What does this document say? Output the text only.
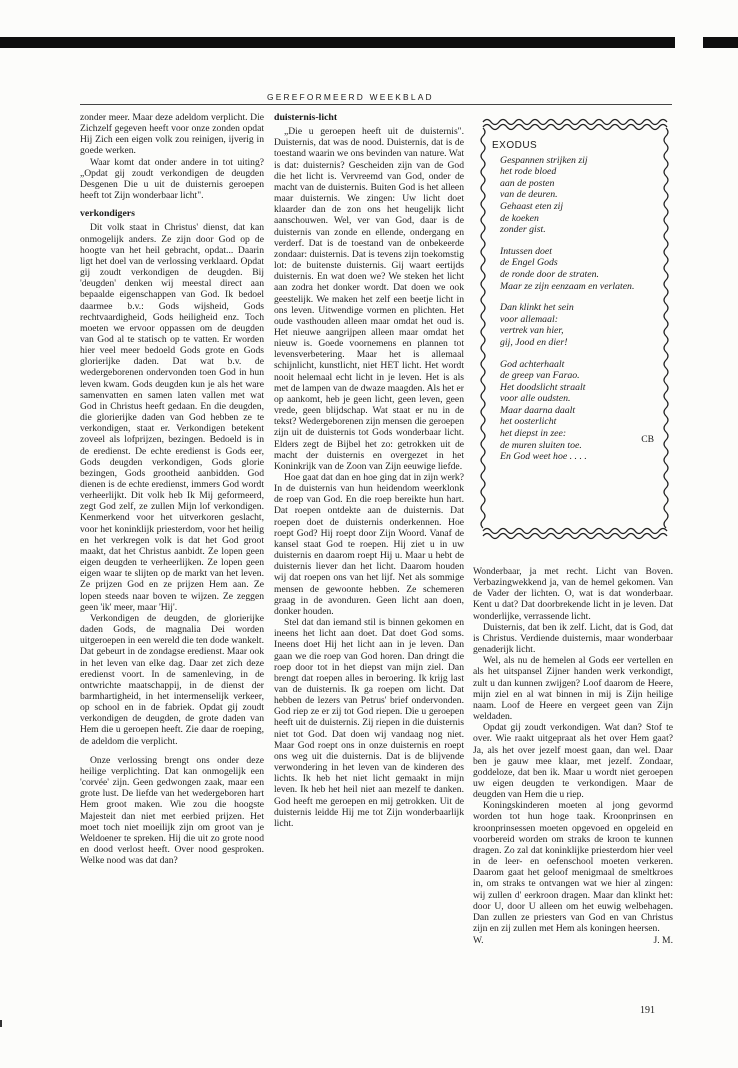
GEREFORMEERD WEEKBLAD

zonder meer. Maar deze adeldom verplicht. Die Zichzelf gegeven heeft voor onze zonden opdat Hij Zich een eigen volk zou reinigen, ijverig in goede werken.

Waar komt dat onder andere in tot uiting? „Opdat gij zoudt verkondigen de deugden Desgenen Die u uit de duisternis geroepen heeft tot Zijn wonderbaar licht".

verkondigers

Dit volk staat in Christus' dienst, dat kan onmogelijk anders. Ze zijn door God op de hoogte van het heil gebracht, opdat... Daarin ligt het doel van de verlossing verklaard. Opdat gij zoudt verkondigen de deugden. Bij 'deugden' denken wij meestal direct aan bepaalde eigenschappen van God. Ik bedoel daarmee b.v.: Gods wijsheid, Gods rechtvaardigheid, Gods heiligheid enz. Toch moeten we ervoor oppassen om de deugden van God al te statisch op te vatten. Er worden hier veel meer bedoeld Gods grote en Gods glorierijke daden. Dat wat b.v. de wedergeborenen ondervonden toen God in hun leven kwam. Gods deugden kun je als het ware samenvatten en samen laten vallen met wat God in Christus heeft gedaan. En die deugden, die glorierijke daden van God hebben ze te verkondigen, staat er. Verkondigen betekent zoveel als lofprijzen, bezingen. Bedoeld is in de eredienst. De echte eredienst is Gods eer, Gods deugden verkondigen, Gods glorie bezingen, Gods grootheid aanbidden. God dienen is de echte eredienst, immers God wordt verheerlijkt. Dit volk heb Ik Mij geformeerd, zegt God zelf, ze zullen Mijn lof verkondigen. Kenmerkend voor het uitverkoren geslacht, voor het koninklijk priesterdom, voor het heilig en het verkregen volk is dat het God groot maakt, dat het Christus aanbidt. Ze lopen geen eigen deugden te verheerlijken. Ze lopen geen eigen waar te slijten op de markt van het leven. Ze prijzen God en ze prijzen Hem aan. Ze lopen steeds naar boven te wijzen. Ze zeggen geen 'ik' meer, maar 'Hij'.

Verkondigen de deugden, de glorierijke daden Gods, de magnalia Dei worden uitgeroepen in een wereld die ten dode wankelt. Dat gebeurt in de zondagse eredienst. Maar ook in het leven van elke dag. Daar zet zich deze eredienst voort. In de samenleving, in de ontwrichte maatschappij, in de dienst der barmhartigheid, in het intermenselijk verkeer, op school en in de fabriek. Opdat gij zoudt verkondigen de deugden, de grote daden van Hem die u geroepen heeft. Zie daar de roeping, de adeldom die verplicht.

Onze verlossing brengt ons onder deze heilige verplichting. Dat kan onmogelijk een 'corvée' zijn. Geen gedwongen zaak, maar een grote lust. De liefde van het wedergeboren hart Hem groot maken. Wie zou die hoogste Majesteit dan niet met eerbied prijzen. Het moet toch niet moeilijk zijn om groot van je Weldoener te spreken. Hij die uit zo grote nood en dood verlost heeft. Over nood gesproken. Welke nood was dat dan?

duisternis-licht

„Die u geroepen heeft uit de duisternis". Duisternis, dat was de nood. Duisternis, dat is de toestand waarin we ons bevinden van nature. Wat is dat: duisternis? Gescheiden zijn van de God die het licht is. Vervreemd van God, onder de macht van de duisternis. Buiten God is het alleen maar duisternis. We zingen: Uw licht doet klaarder dan de zon ons het heugelijk licht aanschouwen. Wel, ver van God, daar is de duisternis van zonde en ellende, ondergang en verderf. Dat is de toestand van de onbekeerde zondaar: duisternis. Dat is tevens zijn toekomstig lot: de buitenste duisternis. Gij waart eertijds duisternis. En wat doen we? We steken het licht aan zodra het donker wordt. Dat doen we ook geestelijk. We maken het zelf een beetje licht in ons leven. Uitwendige vormen en plichten. Het oude vasthouden alleen maar omdat het oud is. Het nieuwe aangrijpen alleen maar omdat het nieuw is. Goede voornemens en plannen tot levensverbetering. Maar het is allemaal schijnlicht, kunstlicht, niet HET licht. Het wordt nooit helemaal echt licht in je leven. Het is als met de lampen van de dwaze maagden. Als het er op aankomt, heb je geen licht, geen leven, geen vrede, geen blijdschap. Wat staat er nu in de tekst? Wedergeborenen zijn mensen die geroepen zijn uit de duisternis tot Gods wonderbaar licht. Elders zegt de Bijbel het zo: getrokken uit de macht der duisternis en overgezet in het Koninkrijk van de Zoon van Zijn eeuwige liefde.

Hoe gaat dat dan en hoe ging dat in zijn werk? In de duisternis van hun heidendom weerklonk de roep van God. En die roep bereikte hun hart. Dat roepen ontdekte aan de duisternis. Dat roepen doet de duisternis onderkennen. Hoe roept God? Hij roept door Zijn Woord. Vanaf de kansel staat God te roepen. Hij ziet u in uw duisternis en daarom roept Hij u. Maar u hebt de duisternis liever dan het licht. Daarom houden wij dat roepen ons van het lijf. Net als sommige mensen de gewoonte hebben. Ze schemeren graag in de avonduren. Geen licht aan doen, donker houden.

Stel dat dan iemand stil is binnen gekomen en ineens het licht aan doet. Dat doet God soms. Ineens doet Hij het licht aan in je leven. Dan gaan we die roep van God horen. Dan dringt die roep door tot in het diepst van mijn ziel. Dan brengt dat roepen alles in beroering. Ik krijg last van de duisternis. Ik ga roepen om licht. Dat hebben de lezers van Petrus' brief ondervonden. God riep ze er zij tot God riepen. Die u geroepen heeft uit de duisternis. Zij riepen in die duisternis niet tot God. Dat doen wij vandaag nog niet. Maar God roept ons in onze duisternis en roept ons weg uit die duisternis. Dat is de blijvende verwondering in het leven van de kinderen des lichts. Ik heb het niet licht gemaakt in mijn leven. Ik heb het heil niet aan mezelf te danken. God heeft me geroepen en mij getrokken. Uit de duisternis leidde Hij me tot Zijn wonderbaarlijk licht.

EXODUS
Gespannen strijken zij
het rode bloed
aan de posten
van de deuren.
Gehaast eten zij
de koeken
zonder gist.
Intussen doet
de Engel Gods
de ronde door de straten.
Maar ze zijn eenzaam en verlaten.
Dan klinkt het sein
voor allemaal:
vertrek van hier,
gij, Jood en dier!
God achterhaalt
de greep van Farao.
Het doodslicht straalt
voor alle oudsten.
Maar daarna daalt
het oosterlicht
het diepst in zee:
de muren sluiten toe.
En God weet hoe . . . .
CB

Wonderbaar, ja met recht. Licht van Boven. Verbazingwekkend ja, van de hemel gekomen. Van de Vader der lichten. O, wat is dat wonderbaar. Kent u dat? Dat doorbrekende licht in je leven. Dat wonderlijke, verrassende licht.

Duisternis, dat ben ik zelf. Licht, dat is God, dat is Christus. Verdiende duisternis, maar wonderbaar genaderijk licht.

Wel, als nu de hemelen al Gods eer vertellen en als het uitspansel Zijner handen werk verkondigt, zult u dan kunnen zwijgen? Loof daarom de Heere, mijn ziel en al wat binnen in mij is Zijn heilige naam. Loof de Heere en vergeet geen van Zijn weldaden.

Opdat gij zoudt verkondigen. Wat dan? Stof te over. Wie raakt uitgepraat als het over Hem gaat? Ja, als het over jezelf moest gaan, dan wel. Daar ben je gauw mee klaar, met jezelf. Zondaar, goddeloze, dat ben ik. Maar u wordt niet geroepen uw eigen deugden te verkondigen. Maar de deugden van Hem die u riep.

Koningskinderen moeten al jong gevormd worden tot hun hoge taak. Kroonprinsen en kroonprinsessen moeten opgevoed en opgeleid en voorbereid worden om straks de kroon te kunnen dragen. Zo zal dat koninklijke priesterdom hier veel in de leer- en oefenschool moeten verkeren. Daarom gaat het geloof menigmaal de smeltkroes in, om straks te ontvangen wat we hier al zingen: wij zullen d' eerkroon dragen. Maar dan klinkt het: door U, door U alleen om het euwig welbehagen. Dan zullen ze priesters van God en van Christus zijn en zij zullen met Hem als koningen heersen.

W.	J. M.
191
